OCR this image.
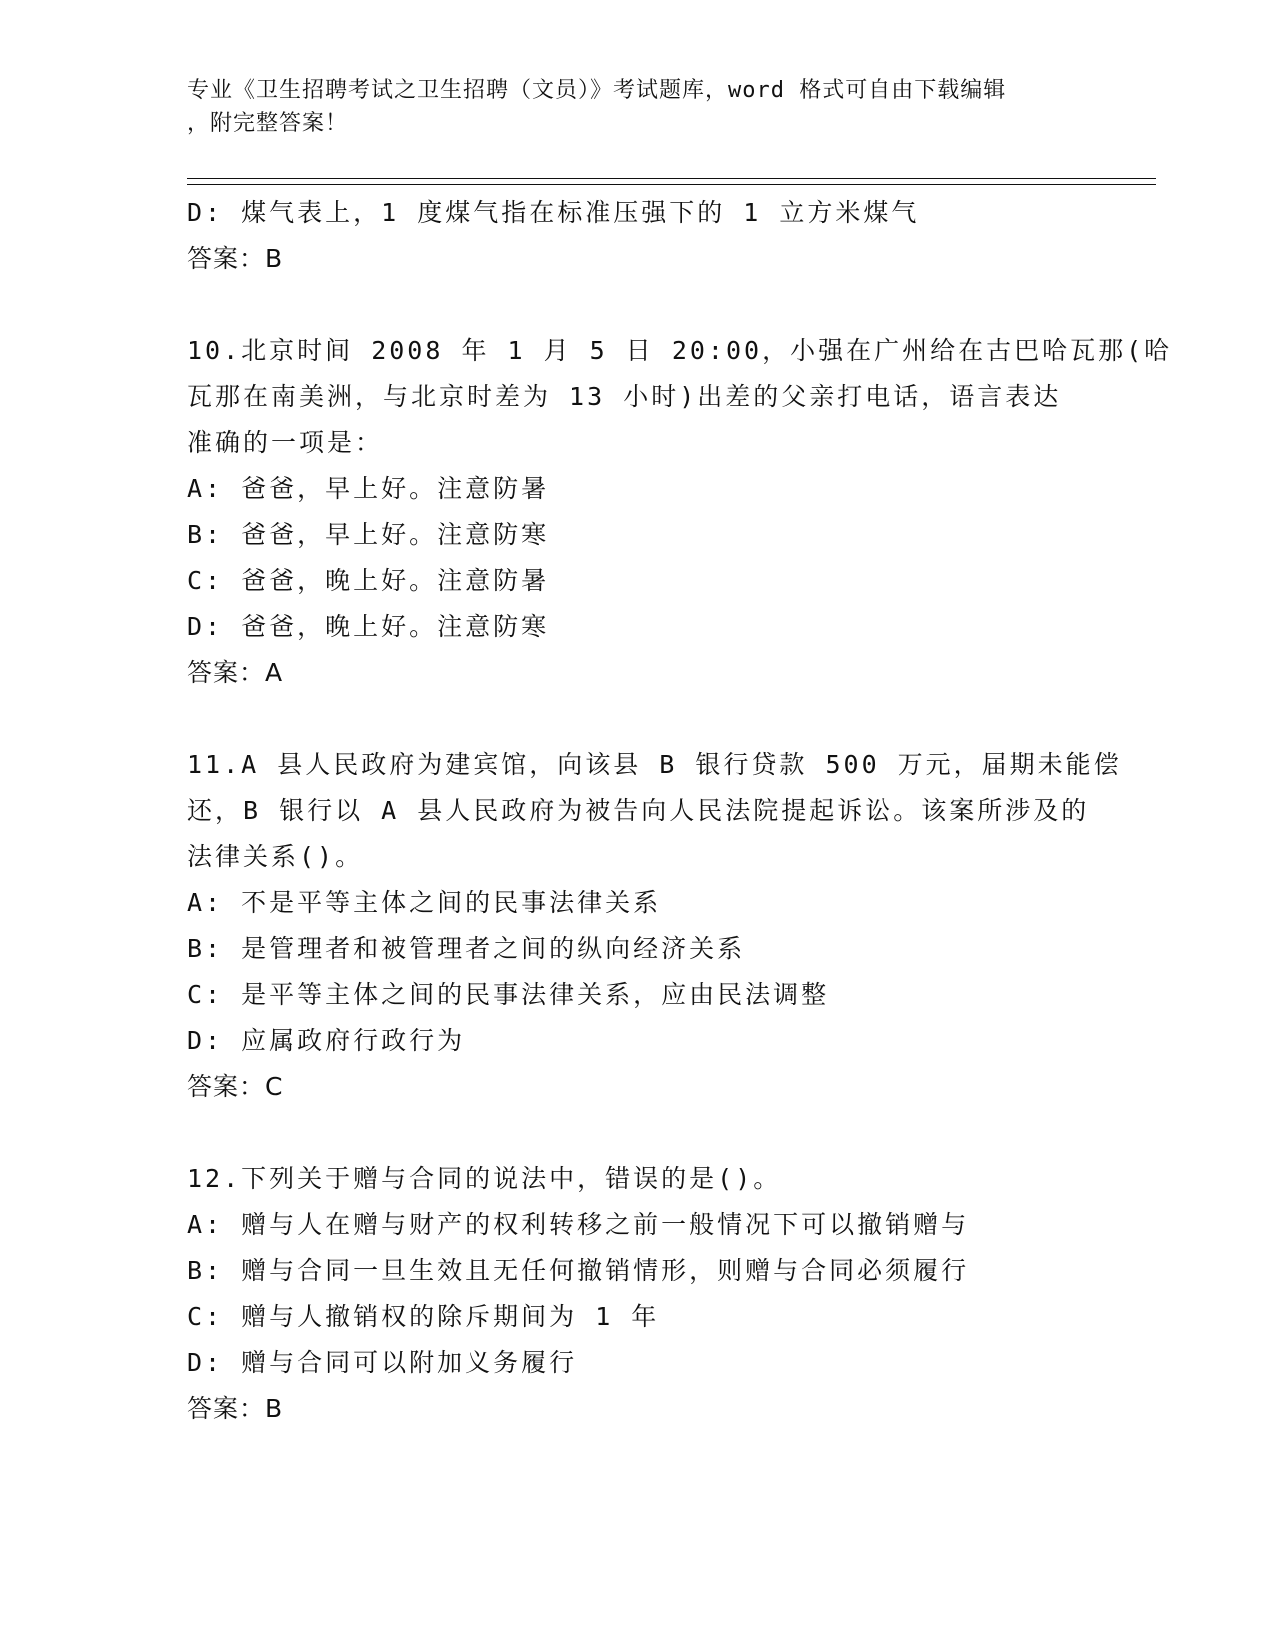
专业《卫生招聘考试之卫生招聘（文员）》考试题库，word 格式可自由下载编辑
，附完整答案！
D: 煤气表上，1 度煤气指在标准压强下的 1 立方米煤气
答案：B
10.北京时间 2008 年 1 月 5 日 20:00，小强在广州给在古巴哈瓦那(哈
瓦那在南美洲，与北京时差为 13 小时)出差的父亲打电话，语言表达
准确的一项是：
A: 爸爸，早上好。注意防暑
B: 爸爸，早上好。注意防寒
C: 爸爸，晚上好。注意防暑
D: 爸爸，晚上好。注意防寒
答案：A
11.A 县人民政府为建宾馆，向该县 B 银行贷款 500 万元，届期未能偿
还，B 银行以 A 县人民政府为被告向人民法院提起诉讼。该案所涉及的
法律关系()。
A: 不是平等主体之间的民事法律关系
B: 是管理者和被管理者之间的纵向经济关系
C: 是平等主体之间的民事法律关系，应由民法调整
D: 应属政府行政行为
答案：C
12.下列关于赠与合同的说法中，错误的是()。
A: 赠与人在赠与财产的权利转移之前一般情况下可以撤销赠与
B: 赠与合同一旦生效且无任何撤销情形，则赠与合同必须履行
C: 赠与人撤销权的除斥期间为 1 年
D: 赠与合同可以附加义务履行
答案：B
